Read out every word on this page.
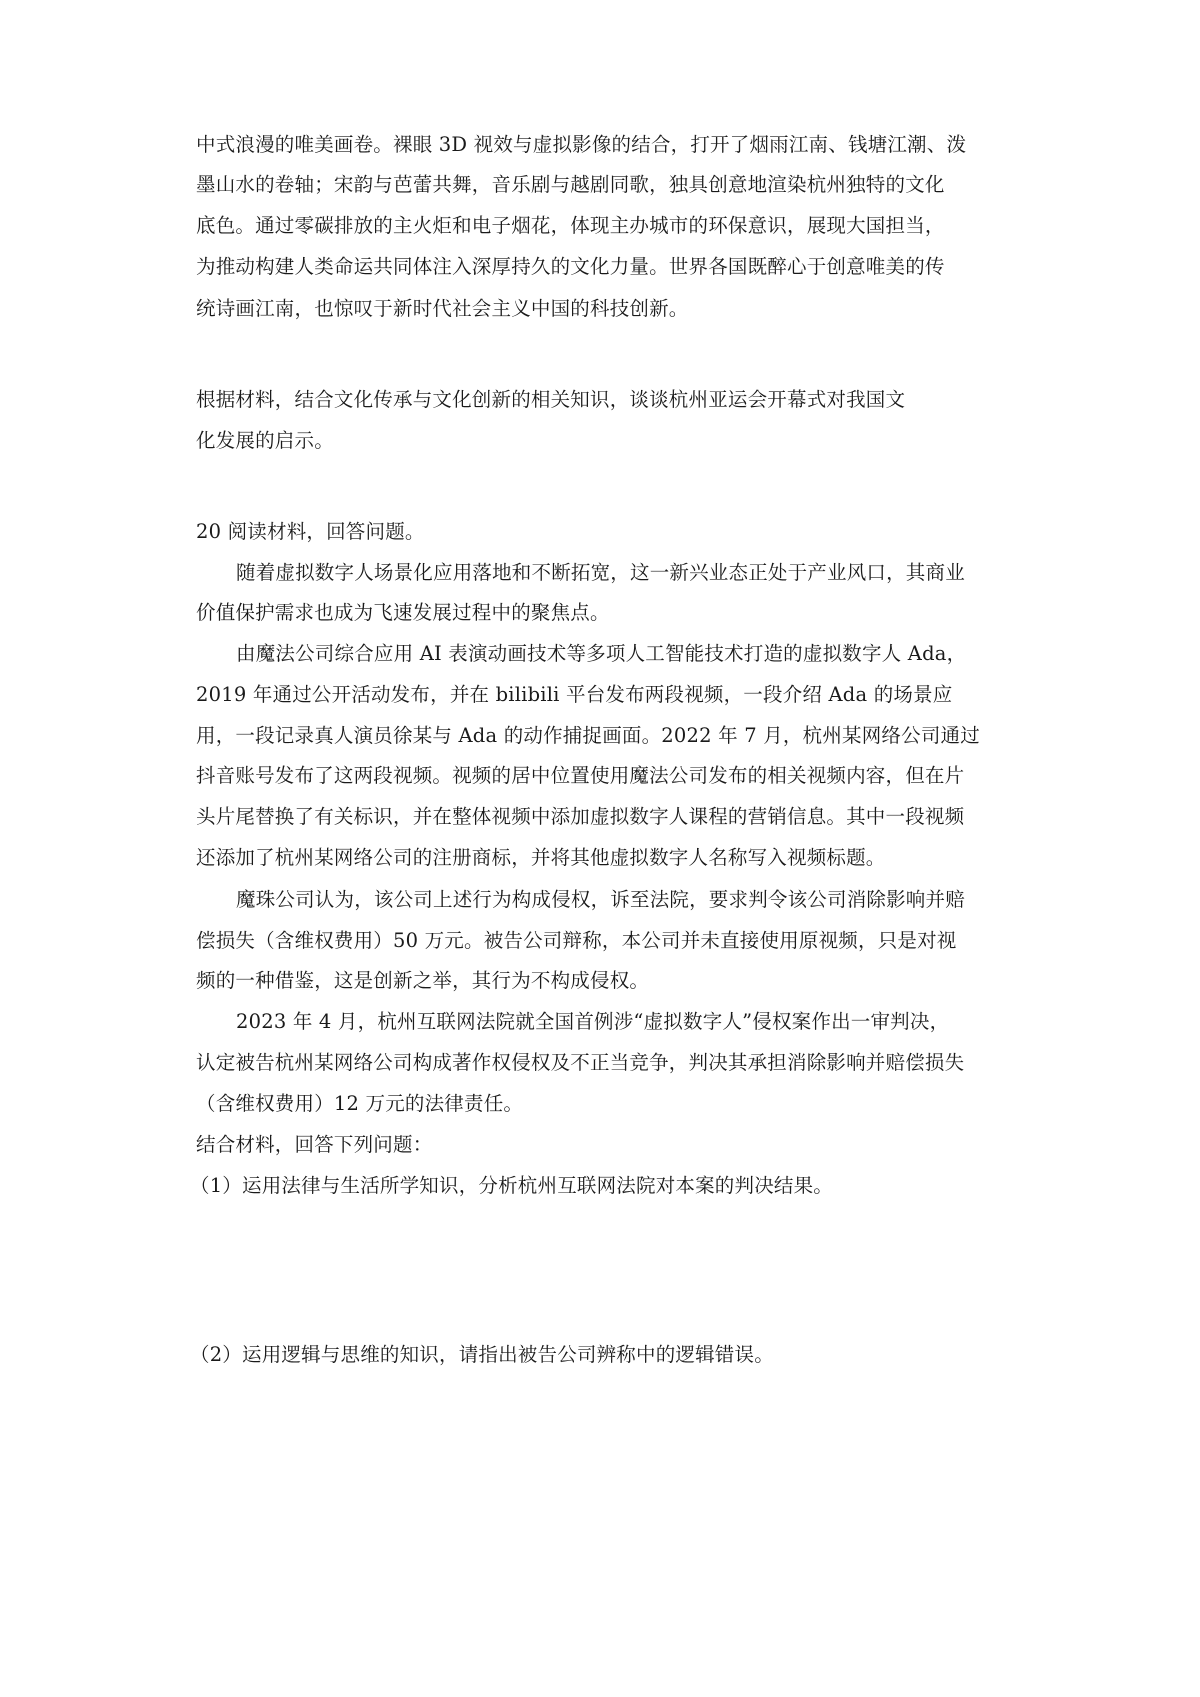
中式浪漫的唯美画卷。裸眼 3D 视效与虚拟影像的结合，打开了烟雨江南、钱塘江潮、泼
墨山水的卷轴；宋韵与芭蕾共舞，音乐剧与越剧同歌，独具创意地渲染杭州独特的文化
底色。通过零碳排放的主火炬和电子烟花，体现主办城市的环保意识，展现大国担当，
为推动构建人类命运共同体注入深厚持久的文化力量。世界各国既醉心于创意唯美的传
统诗画江南，也惊叹于新时代社会主义中国的科技创新。
根据材料，结合文化传承与文化创新的相关知识，谈谈杭州亚运会开幕式对我国文
化发展的启示。
20 阅读材料，回答问题。
随着虚拟数字人场景化应用落地和不断拓宽，这一新兴业态正处于产业风口，其商业
价值保护需求也成为飞速发展过程中的聚焦点。
由魔法公司综合应用 AI 表演动画技术等多项人工智能技术打造的虚拟数字人 Ada，
2019 年通过公开活动发布，并在 bilibili 平台发布两段视频，一段介绍 Ada 的场景应
用，一段记录真人演员徐某与 Ada 的动作捕捉画面。2022 年 7 月，杭州某网络公司通过
抖音账号发布了这两段视频。视频的居中位置使用魔法公司发布的相关视频内容，但在片
头片尾替换了有关标识，并在整体视频中添加虚拟数字人课程的营销信息。其中一段视频
还添加了杭州某网络公司的注册商标，并将其他虚拟数字人名称写入视频标题。
魔珠公司认为，该公司上述行为构成侵权，诉至法院，要求判令该公司消除影响并赔
偿损失（含维权费用）50 万元。被告公司辩称，本公司并未直接使用原视频，只是对视
频的一种借鉴，这是创新之举，其行为不构成侵权。
2023 年 4 月，杭州互联网法院就全国首例涉“虚拟数字人”侵权案作出一审判决，
认定被告杭州某网络公司构成著作权侵权及不正当竞争，判决其承担消除影响并赔偿损失
（含维权费用）12 万元的法律责任。
结合材料，回答下列问题：
（1）运用法律与生活所学知识，分析杭州互联网法院对本案的判决结果。
（2）运用逻辑与思维的知识，请指出被告公司辨称中的逻辑错误。
